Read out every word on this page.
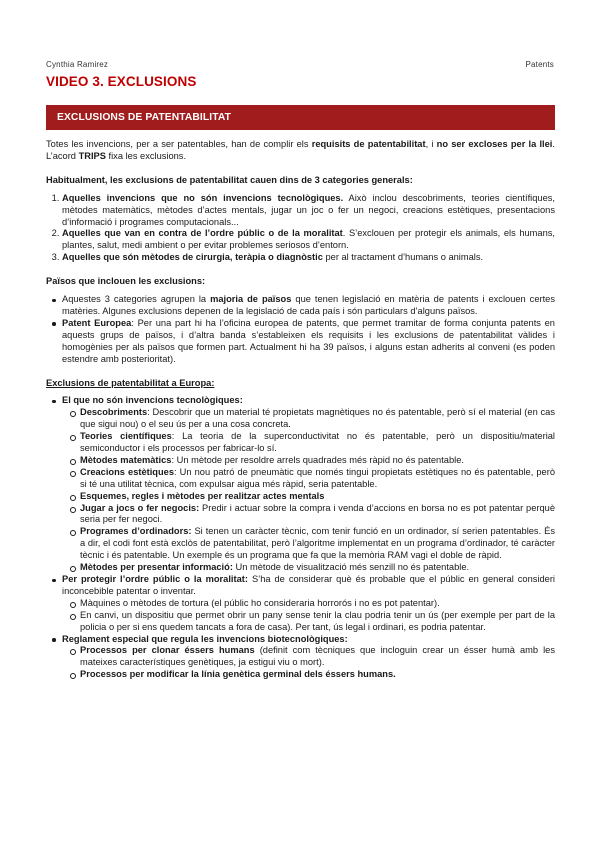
Cynthia Ramirez	Patents
VIDEO 3. EXCLUSIONS
EXCLUSIONS DE PATENTABILITAT

Totes les invencions, per a ser patentables, han de complir els requisits de patentabilitat, i no ser excloses per la llei. L’acord TRIPS fixa les exclusions.

Habitualment, les exclusions de patentabilitat cauen dins de 3 categories generals:

1. Aquelles invencions que no són invencions tecnològiques. Això inclou descobriments, teories científiques, mètodes matemàtics, mètodes d’actes mentals, jugar un joc o fer un negoci, creacions estètiques, presentacions d’informació i programes computacionals...
2. Aquelles que van en contra de l’ordre públic o de la moralitat. S’exclouen per protegir els animals, els humans, plantes, salut, medi ambient o per evitar problemes seriosos d’entorn.
3. Aquelles que són mètodes de cirurgia, teràpia o diagnòstic per al tractament d’humans o animals.

Països que inclouen les exclusions:

Aquestes 3 categories agrupen la majoria de països que tenen legislació en matèria de patents i exclouen certes matèries. Algunes exclusions depenen de la legislació de cada país i són particulars d’alguns països.
Patent Europea: Per una part hi ha l’oficina europea de patents, que permet tramitar de forma conjunta patents en aquests grups de països, i d’altra banda s’estableixen els requisits i les exclusions de patentabilitat vàlides i homogènies per als països que formen part. Actualment hi ha 39 països, i alguns estan adherits al conveni (es poden estendre amb posterioritat).

Exclusions de patentabilitat a Europa:

El que no són invencions tecnològiques:
Descobriments: Descobrir que un material té propietats magnètiques no és patentable, però sí el material (en cas que sigui nou) o el seu ús per a una cosa concreta.
Teories científiques: La teoria de la superconductivitat no és patentable, però un dispositiu/material semiconductor i els processos per fabricar-lo sí.
Mètodes matemàtics: Un mètode per resoldre arrels quadrades més ràpid no és patentable.
Creacions estètiques: Un nou patró de pneumàtic que només tingui propietats estètiques no és patentable, però si té una utilitat tècnica, com expulsar aigua més ràpid, seria patentable.
Esquemes, regles i mètodes per realitzar actes mentals
Jugar a jocs o fer negocis: Predir i actuar sobre la compra i venda d’accions en borsa no es pot patentar perquè seria per fer negoci.
Programes d’ordinadors: Si tenen un caràcter tècnic, com tenir funció en un ordinador, sí serien patentables. És a dir, el codi font està exclòs de patentabilitat, però l’algoritme implementat en un programa d’ordinador, té caràcter tècnic i és patentable. Un exemple és un programa que fa que la memòria RAM vagi el doble de ràpid.
Mètodes per presentar informació: Un mètode de visualització més senzill no és patentable.
Per protegir l’ordre públic o la moralitat: S’ha de considerar què és probable que el públic en general consideri inconcebible patentar o inventar.
Màquines o mètodes de tortura (el públic ho consideraria horrorós i no es pot patentar).
En canvi, un dispositiu que permet obrir un pany sense tenir la clau podria tenir un ús (per exemple per part de la policia o per si ens quedem tancats a fora de casa). Per tant, ús legal i ordinari, es podria patentar.
Reglament especial que regula les invencions biotecnològiques:
Processos per clonar éssers humans (definit com tècniques que incloguin crear un ésser humà amb les mateixes característiques genètiques, ja estigui viu o mort).
Processos per modificar la línia genètica germinal dels éssers humans.
